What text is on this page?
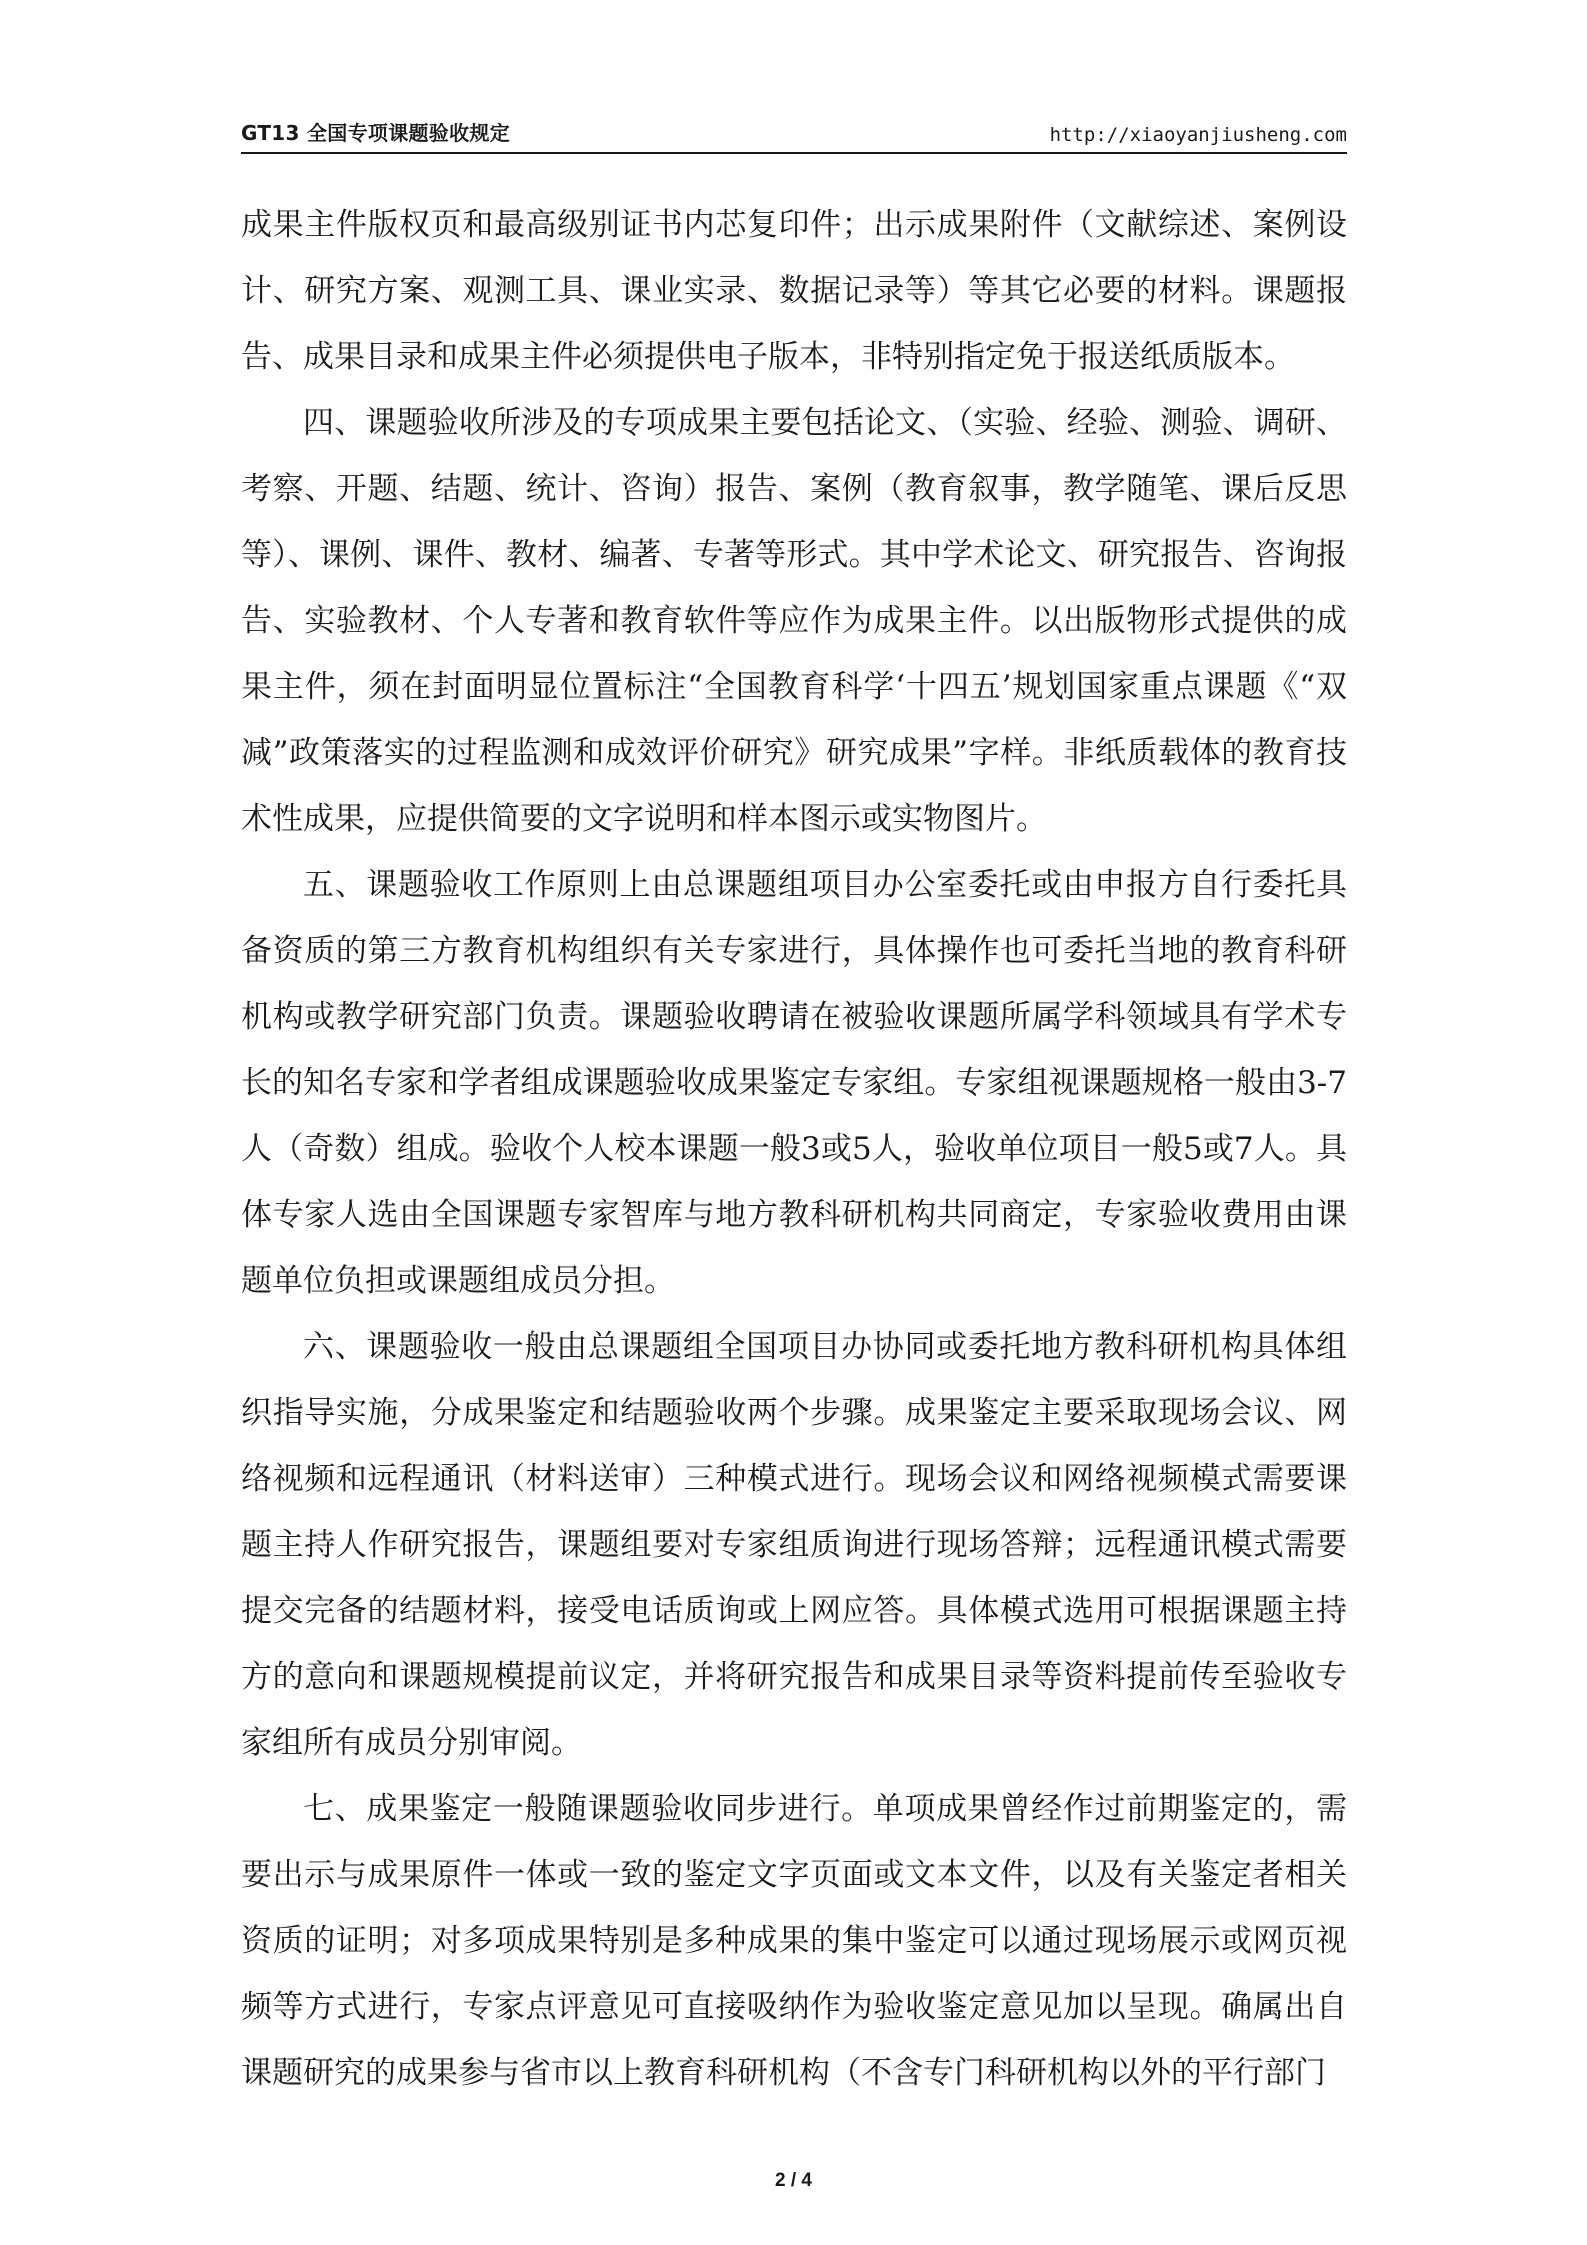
GT13 全国专项课题验收规定	http://xiaoyanjiusheng.com

成果主件版权页和最高级别证书内芯复印件；出示成果附件（文献综述、案例设计、研究方案、观测工具、课业实录、数据记录等）等其它必要的材料。课题报告、成果目录和成果主件必须提供电子版本，非特别指定免于报送纸质版本。

四、课题验收所涉及的专项成果主要包括论文、（实验、经验、测验、调研、考察、开题、结题、统计、咨询）报告、案例（教育叙事，教学随笔、课后反思等）、课例、课件、教材、编著、专著等形式。其中学术论文、研究报告、咨询报告、实验教材、个人专著和教育软件等应作为成果主件。以出版物形式提供的成果主件，须在封面明显位置标注“全国教育科学‘十四五’规划国家重点课题《“双减”政策落实的过程监测和成效评价研究》研究成果”字样。非纸质载体的教育技术性成果，应提供简要的文字说明和样本图示或实物图片。

五、课题验收工作原则上由总课题组项目办公室委托或由申报方自行委托具备资质的第三方教育机构组织有关专家进行，具体操作也可委托当地的教育科研机构或教学研究部门负责。课题验收聘请在被验收课题所属学科领域具有学术专长的知名专家和学者组成课题验收成果鉴定专家组。专家组视课题规格一般由3-7人（奇数）组成。验收个人校本课题一般3或5人，验收单位项目一般5或7人。具体专家人选由全国课题专家智库与地方教科研机构共同商定，专家验收费用由课题单位负担或课题组成员分担。

六、课题验收一般由总课题组全国项目办协同或委托地方教科研机构具体组织指导实施，分成果鉴定和结题验收两个步骤。成果鉴定主要采取现场会议、网络视频和远程通讯（材料送审）三种模式进行。现场会议和网络视频模式需要课题主持人作研究报告，课题组要对专家组质询进行现场答辩；远程通讯模式需要提交完备的结题材料，接受电话质询或上网应答。具体模式选用可根据课题主持方的意向和课题规模提前议定，并将研究报告和成果目录等资料提前传至验收专家组所有成员分别审阅。

七、成果鉴定一般随课题验收同步进行。单项成果曾经作过前期鉴定的，需要出示与成果原件一体或一致的鉴定文字页面或文本文件，以及有关鉴定者相关资质的证明；对多项成果特别是多种成果的集中鉴定可以通过现场展示或网页视频等方式进行，专家点评意见可直接吸纳作为验收鉴定意见加以呈现。确属出自课题研究的成果参与省市以上教育科研机构（不含专门科研机构以外的平行部门

2 / 4
